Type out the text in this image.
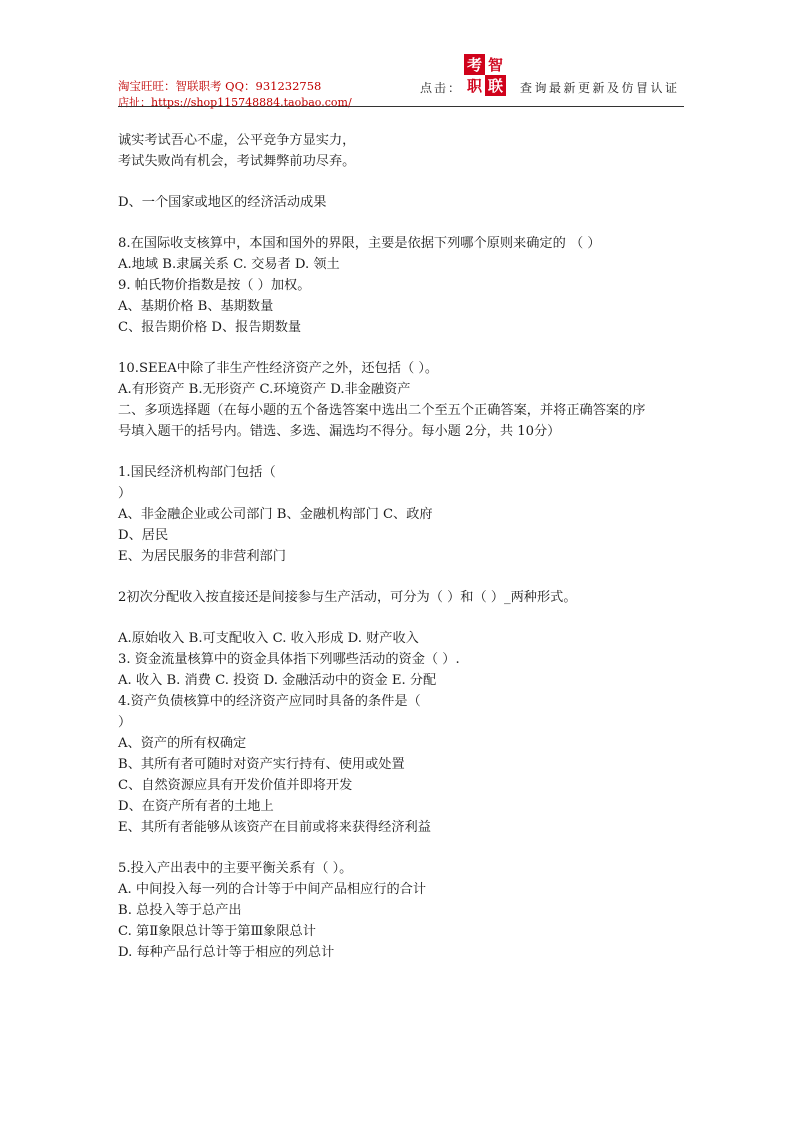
淘宝旺旺：智联职考 QQ：931232758
店扯：https://shop115748884.taobao.com/
点击：
考 智
职 联 查询最新更新及仿冒认证
诚实考试吾心不虚，公平竞争方显实力，
考试失败尚有机会，考试舞弊前功尽弃。
D、一个国家或地区的经济活动成果
8.在国际收支核算中，本国和国外的界限，主要是依据下列哪个原则来确定的 （ ）
A.地域 B.隶属关系 C. 交易者 D. 领土
9. 帕氏物价指数是按（ ）加权。
A、基期价格 B、基期数量
C、报告期价格 D、报告期数量
10.SEEA中除了非生产性经济资产之外，还包括（ ）。
A.有形资产 B.无形资产 C.环境资产 D.非金融资产
二、多项选择题（在每小题的五个备选答案中选出二个至五个正确答案，并将正确答案的序
号填入题干的括号内。错选、多选、漏选均不得分。每小题 2分，共 10分）
1.国民经济机构部门包括（
）
A、非金融企业或公司部门 B、金融机构部门 C、政府
D、居民
E、为居民服务的非营利部门
2初次分配收入按直接还是间接参与生产活动，可分为（ ）和（ ）_两种形式。
A.原始收入 B.可支配收入 C. 收入形成 D. 财产收入
3. 资金流量核算中的资金具体指下列哪些活动的资金（ ）.
A. 收入 B. 消费 C. 投资 D. 金融活动中的资金 E. 分配
4.资产负债核算中的经济资产应同时具备的条件是（
）
A、资产的所有权确定
B、其所有者可随时对资产实行持有、使用或处置
C、自然资源应具有开发价值并即将开发
D、在资产所有者的土地上
E、其所有者能够从该资产在目前或将来获得经济利益
5.投入产出表中的主要平衡关系有（ ）。
A. 中间投入每一列的合计等于中间产品相应行的合计
B. 总投入等于总产出
C. 第Ⅱ象限总计等于第Ⅲ象限总计
D. 每种产品行总计等于相应的列总计
